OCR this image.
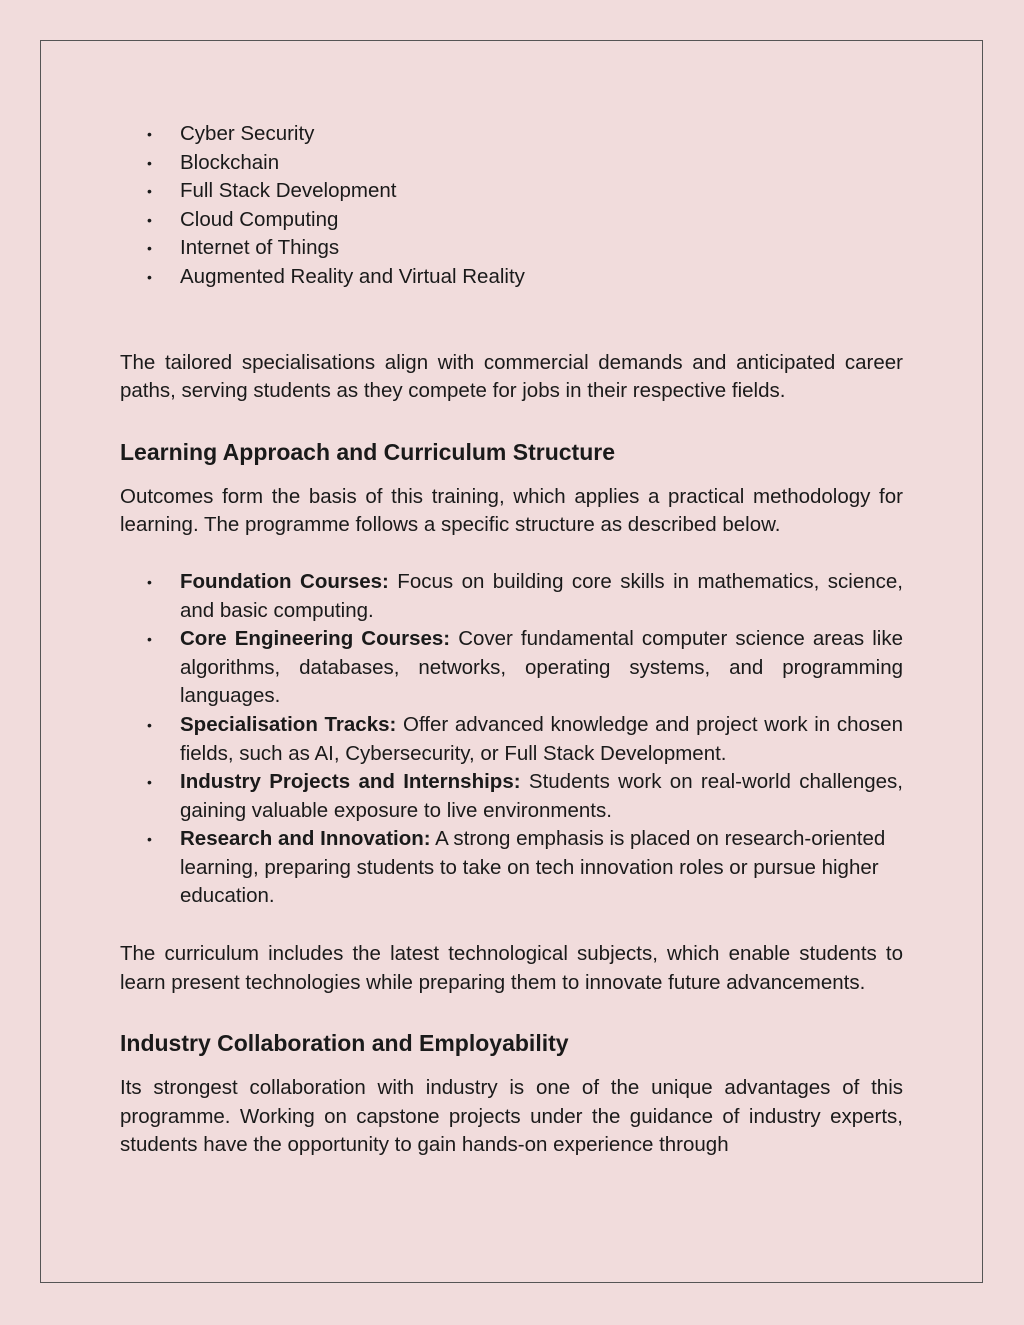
• Cyber Security
• Blockchain
• Full Stack Development
• Cloud Computing
• Internet of Things
• Augmented Reality and Virtual Reality

The tailored specialisations align with commercial demands and anticipated career paths, serving students as they compete for jobs in their respective fields.

Learning Approach and Curriculum Structure

Outcomes form the basis of this training, which applies a practical methodology for learning. The programme follows a specific structure as described below.

• Foundation Courses: Focus on building core skills in mathematics, science, and basic computing.
• Core Engineering Courses: Cover fundamental computer science areas like algorithms, databases, networks, operating systems, and programming languages.
• Specialisation Tracks: Offer advanced knowledge and project work in chosen fields, such as AI, Cybersecurity, or Full Stack Development.
• Industry Projects and Internships: Students work on real-world challenges, gaining valuable exposure to live environments.
• Research and Innovation: A strong emphasis is placed on research-oriented learning, preparing students to take on tech innovation roles or pursue higher education.

The curriculum includes the latest technological subjects, which enable students to learn present technologies while preparing them to innovate future advancements.

Industry Collaboration and Employability

Its strongest collaboration with industry is one of the unique advantages of this programme. Working on capstone projects under the guidance of industry experts, students have the opportunity to gain hands-on experience through
